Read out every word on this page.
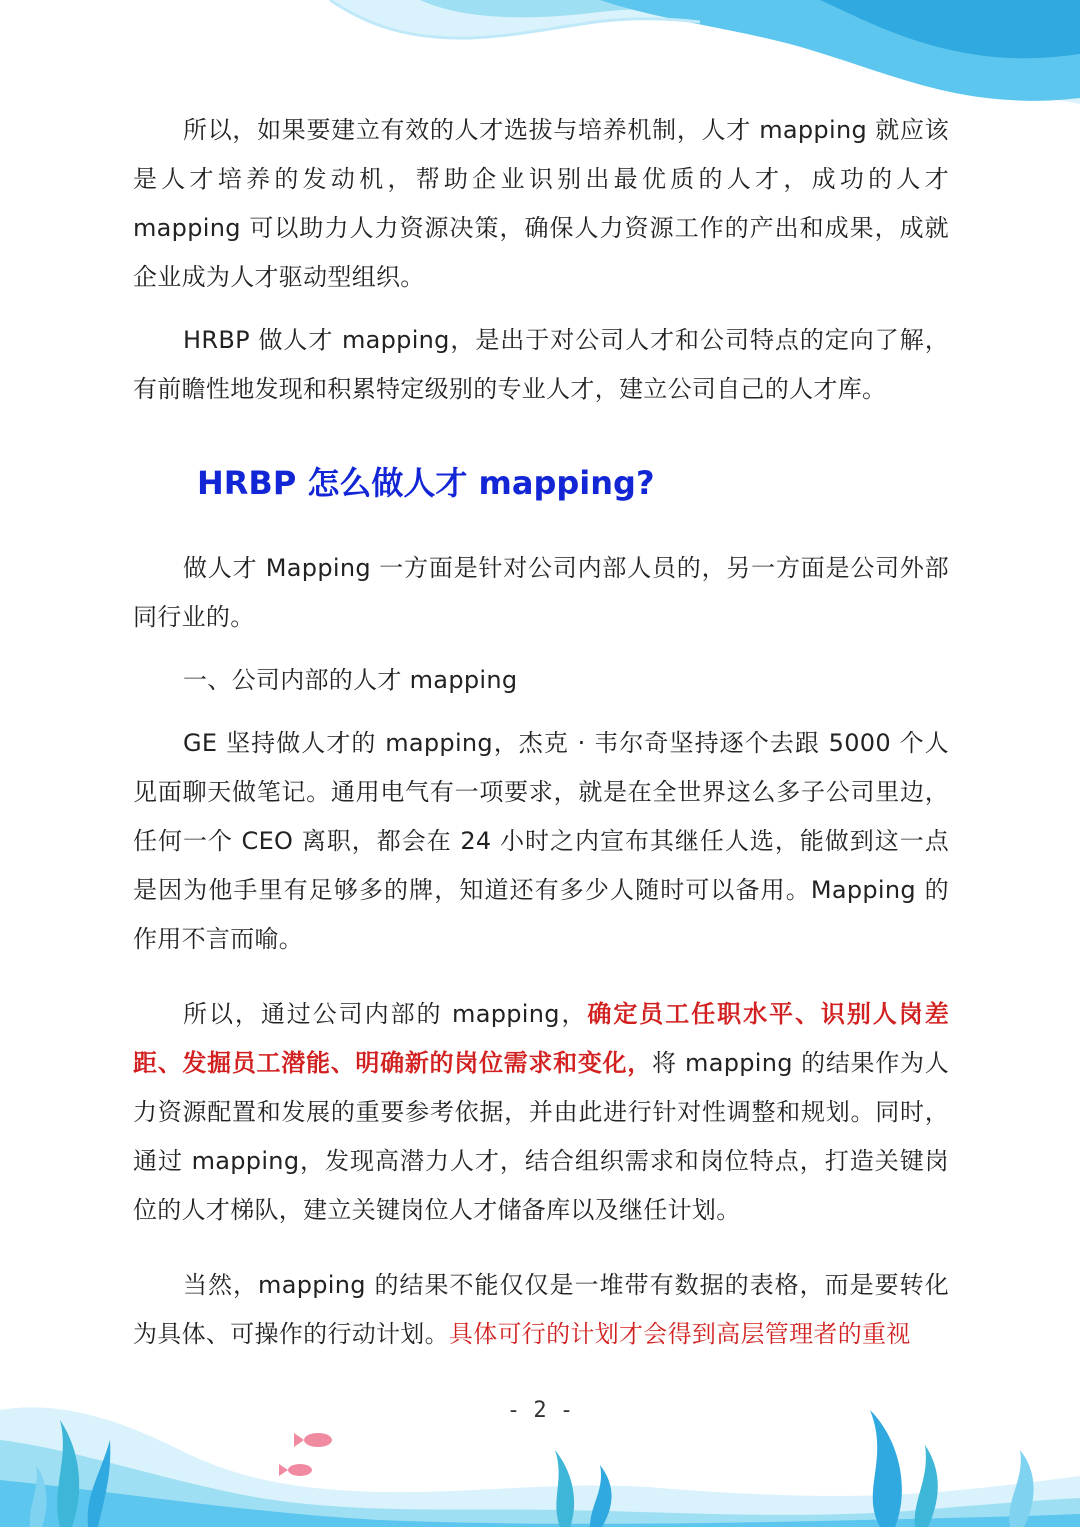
所以，如果要建立有效的人才选拔与培养机制，人才 mapping 就应该是人才培养的发动机，帮助企业识别出最优质的人才，成功的人才 mapping 可以助力人力资源决策，确保人力资源工作的产出和成果，成就企业成为人才驱动型组织。

HRBP 做人才 mapping，是出于对公司人才和公司特点的定向了解，有前瞻性地发现和积累特定级别的专业人才，建立公司自己的人才库。

HRBP 怎么做人才 mapping?

做人才 Mapping 一方面是针对公司内部人员的，另一方面是公司外部同行业的。

一、公司内部的人才 mapping

GE 坚持做人才的 mapping，杰克 · 韦尔奇坚持逐个去跟 5000 个人见面聊天做笔记。通用电气有一项要求，就是在全世界这么多子公司里边，任何一个 CEO 离职，都会在 24 小时之内宣布其继任人选，能做到这一点是因为他手里有足够多的牌，知道还有多少人随时可以备用。Mapping 的作用不言而喻。

所以，通过公司内部的 mapping，确定员工任职水平、识别人岗差距、发掘员工潜能、明确新的岗位需求和变化，将 mapping 的结果作为人力资源配置和发展的重要参考依据，并由此进行针对性调整和规划。同时，通过 mapping，发现高潜力人才，结合组织需求和岗位特点，打造关键岗位的人才梯队，建立关键岗位人才储备库以及继任计划。

当然，mapping 的结果不能仅仅是一堆带有数据的表格，而是要转化为具体、可操作的行动计划。具体可行的计划才会得到高层管理者的重视

- 2 -
